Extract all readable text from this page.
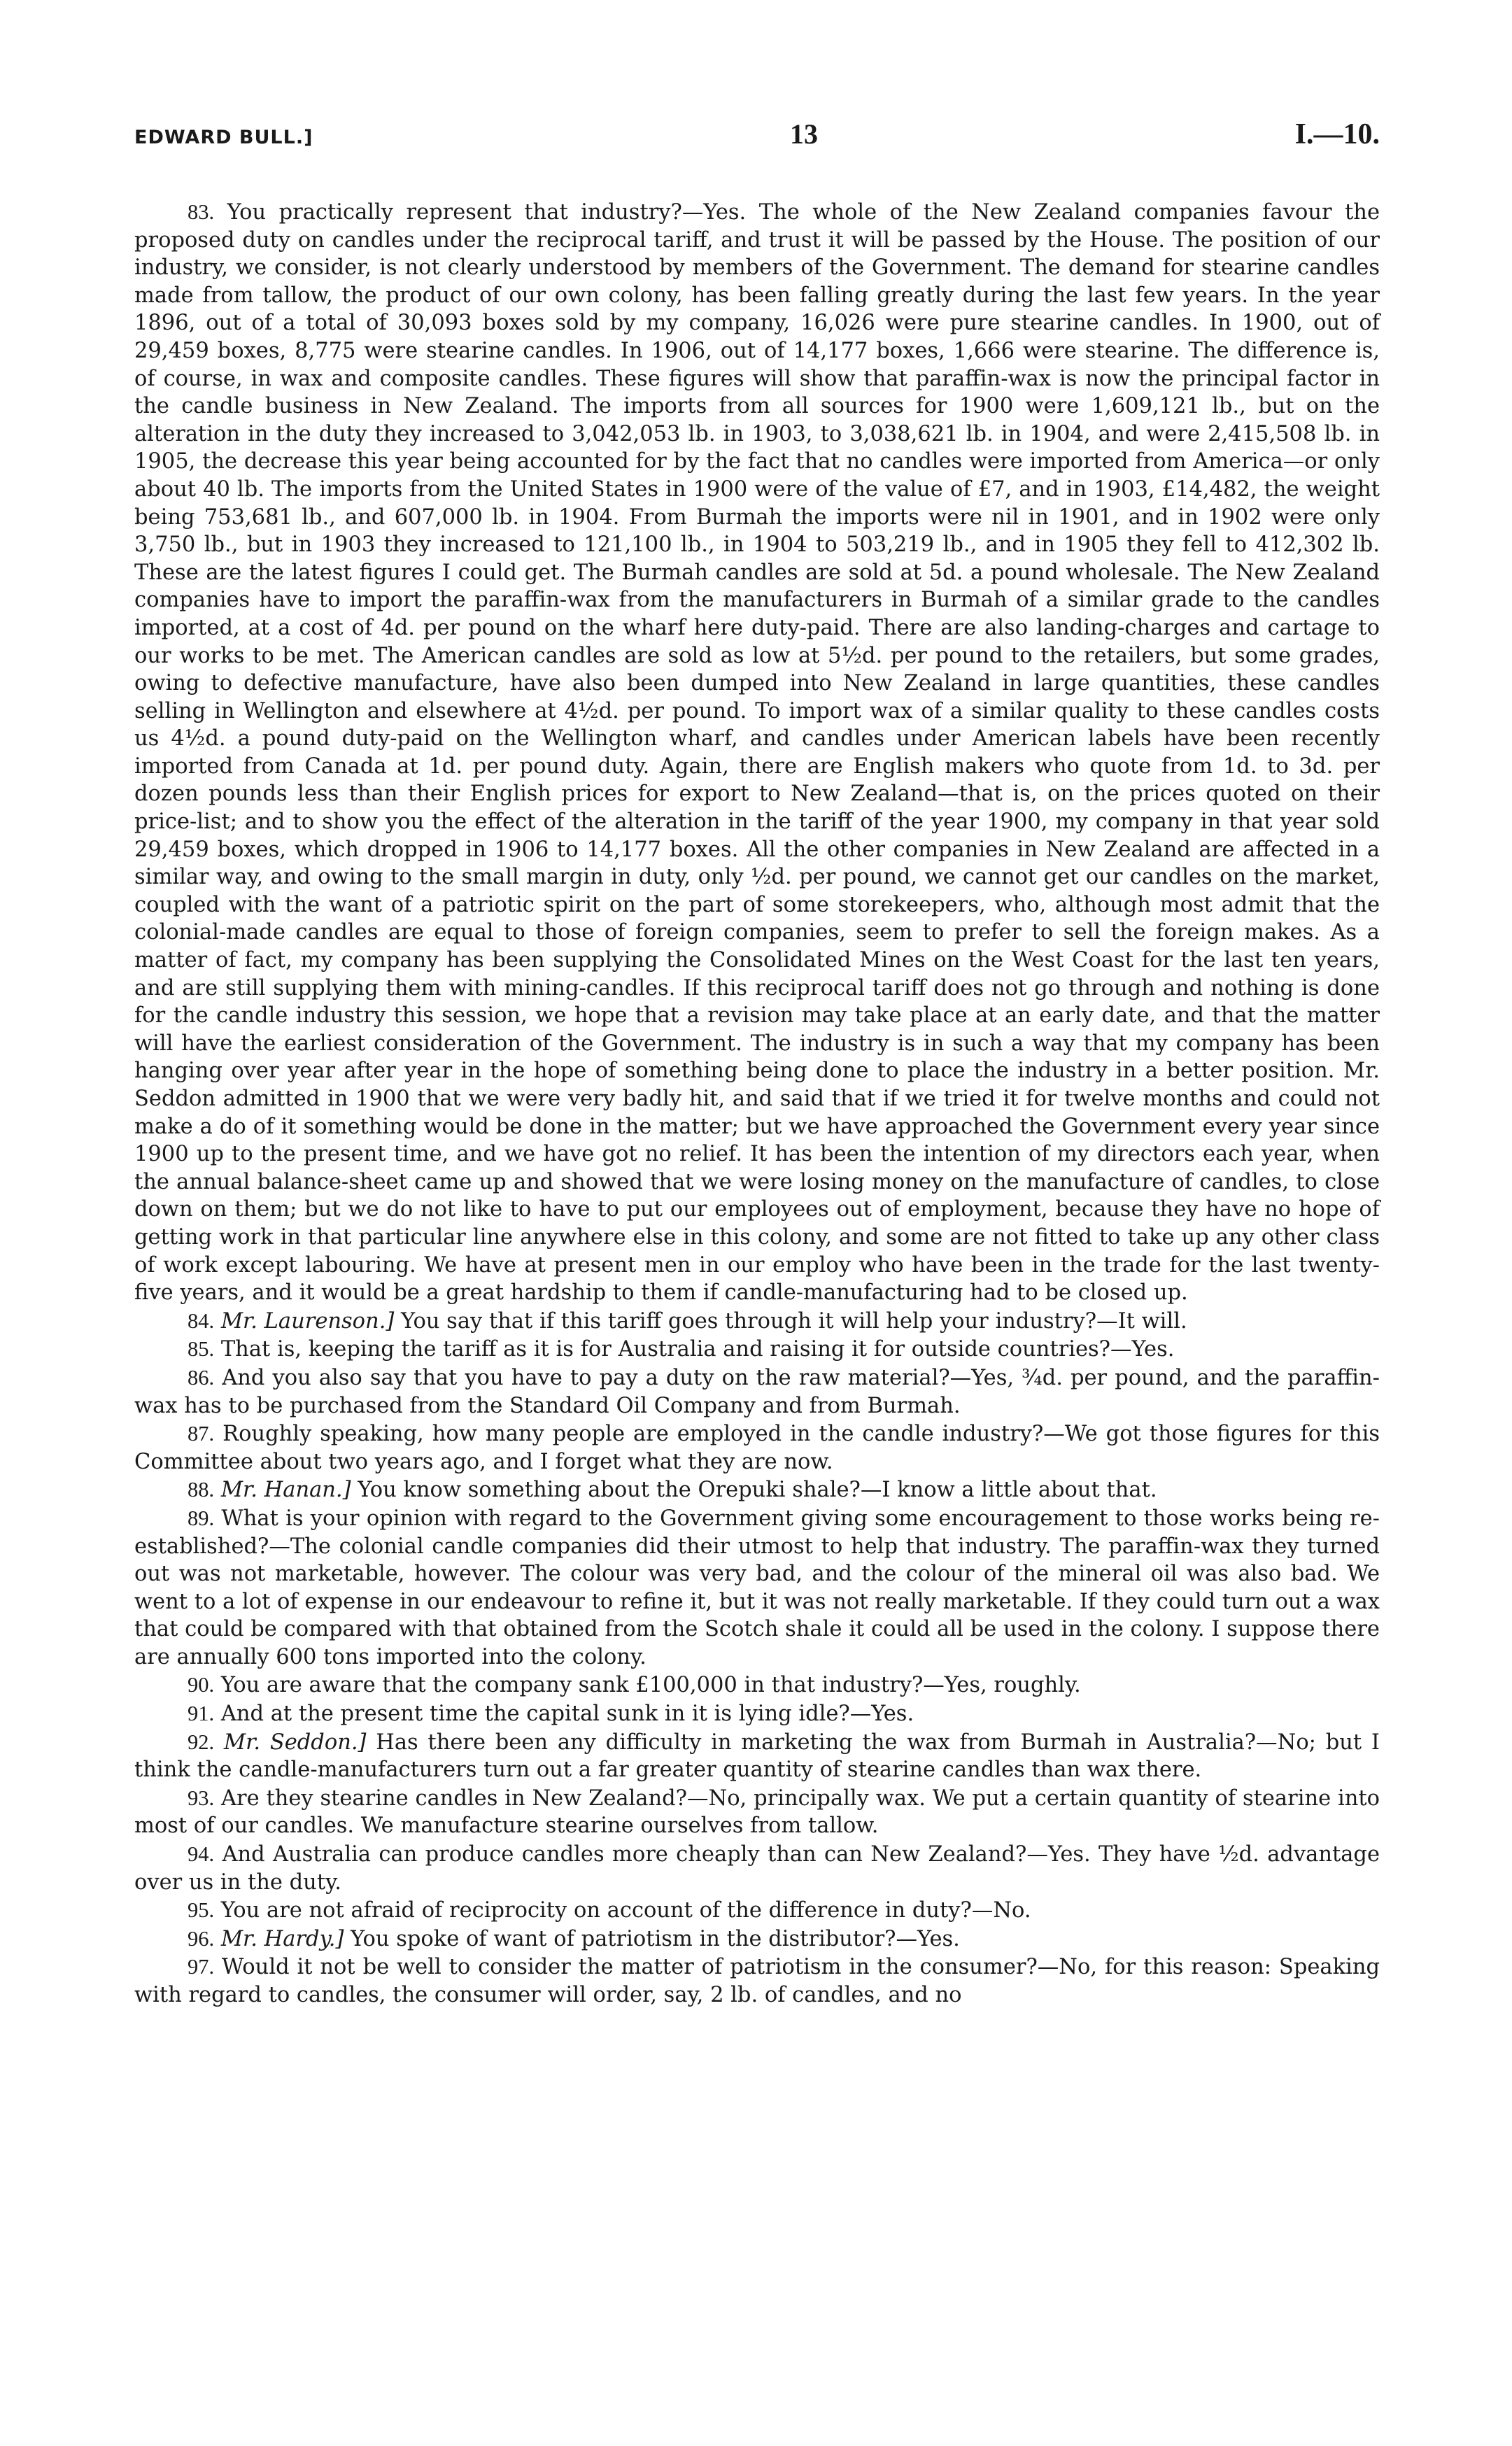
EDWARD BULL.]	13	I.—10.

83. You practically represent that industry?—Yes. The whole of the New Zealand companies favour the proposed duty on candles under the reciprocal tariff, and trust it will be passed by the House. The position of our industry, we consider, is not clearly understood by members of the Government. The demand for stearine candles made from tallow, the product of our own colony, has been falling greatly during the last few years. In the year 1896, out of a total of 30,093 boxes sold by my company, 16,026 were pure stearine candles. In 1900, out of 29,459 boxes, 8,775 were stearine candles. In 1906, out of 14,177 boxes, 1,666 were stearine. The difference is, of course, in wax and composite candles. These figures will show that paraffin-wax is now the principal factor in the candle business in New Zealand. The imports from all sources for 1900 were 1,609,121 lb., but on the alteration in the duty they increased to 3,042,053 lb. in 1903, to 3,038,621 lb. in 1904, and were 2,415,508 lb. in 1905, the decrease this year being accounted for by the fact that no candles were imported from America—or only about 40 lb. The imports from the United States in 1900 were of the value of £7, and in 1903, £14,482, the weight being 753,681 lb., and 607,000 lb. in 1904. From Burmah the imports were nil in 1901, and in 1902 were only 3,750 lb., but in 1903 they increased to 121,100 lb., in 1904 to 503,219 lb., and in 1905 they fell to 412,302 lb. These are the latest figures I could get. The Burmah candles are sold at 5d. a pound wholesale. The New Zealand companies have to import the paraffin-wax from the manufacturers in Burmah of a similar grade to the candles imported, at a cost of 4d. per pound on the wharf here duty-paid. There are also landing-charges and cartage to our works to be met. The American candles are sold as low at 5½d. per pound to the retailers, but some grades, owing to defective manufacture, have also been dumped into New Zealand in large quantities, these candles selling in Wellington and elsewhere at 4½d. per pound. To import wax of a similar quality to these candles costs us 4½d. a pound duty-paid on the Wellington wharf, and candles under American labels have been recently imported from Canada at 1d. per pound duty. Again, there are English makers who quote from 1d. to 3d. per dozen pounds less than their English prices for export to New Zealand—that is, on the prices quoted on their price-list; and to show you the effect of the alteration in the tariff of the year 1900, my company in that year sold 29,459 boxes, which dropped in 1906 to 14,177 boxes. All the other companies in New Zealand are affected in a similar way, and owing to the small margin in duty, only ½d. per pound, we cannot get our candles on the market, coupled with the want of a patriotic spirit on the part of some storekeepers, who, although most admit that the colonial-made candles are equal to those of foreign companies, seem to prefer to sell the foreign makes. As a matter of fact, my company has been supplying the Consolidated Mines on the West Coast for the last ten years, and are still supplying them with mining-candles. If this reciprocal tariff does not go through and nothing is done for the candle industry this session, we hope that a revision may take place at an early date, and that the matter will have the earliest consideration of the Government. The industry is in such a way that my company has been hanging over year after year in the hope of something being done to place the industry in a better position. Mr. Seddon admitted in 1900 that we were very badly hit, and said that if we tried it for twelve months and could not make a do of it something would be done in the matter; but we have approached the Government every year since 1900 up to the present time, and we have got no relief. It has been the intention of my directors each year, when the annual balance-sheet came up and showed that we were losing money on the manufacture of candles, to close down on them; but we do not like to have to put our employees out of employment, because they have no hope of getting work in that particular line anywhere else in this colony, and some are not fitted to take up any other class of work except labouring. We have at present men in our employ who have been in the trade for the last twenty-five years, and it would be a great hardship to them if candle-manufacturing had to be closed up.

84. Mr. Laurenson.] You say that if this tariff goes through it will help your industry?—It will.

85. That is, keeping the tariff as it is for Australia and raising it for outside countries?—Yes.

86. And you also say that you have to pay a duty on the raw material?—Yes, ¾d. per pound, and the paraffin-wax has to be purchased from the Standard Oil Company and from Burmah.

87. Roughly speaking, how many people are employed in the candle industry?—We got those figures for this Committee about two years ago, and I forget what they are now.

88. Mr. Hanan.] You know something about the Orepuki shale?—I know a little about that.

89. What is your opinion with regard to the Government giving some encouragement to those works being re-established?—The colonial candle companies did their utmost to help that industry. The paraffin-wax they turned out was not marketable, however. The colour was very bad, and the colour of the mineral oil was also bad. We went to a lot of expense in our endeavour to refine it, but it was not really marketable. If they could turn out a wax that could be compared with that obtained from the Scotch shale it could all be used in the colony. I suppose there are annually 600 tons imported into the colony.

90. You are aware that the company sank £100,000 in that industry?—Yes, roughly.

91. And at the present time the capital sunk in it is lying idle?—Yes.

92. Mr. Seddon.] Has there been any difficulty in marketing the wax from Burmah in Australia?—No; but I think the candle-manufacturers turn out a far greater quantity of stearine candles than wax there.

93. Are they stearine candles in New Zealand?—No, principally wax. We put a certain quantity of stearine into most of our candles. We manufacture stearine ourselves from tallow.

94. And Australia can produce candles more cheaply than can New Zealand?—Yes. They have ½d. advantage over us in the duty.

95. You are not afraid of reciprocity on account of the difference in duty?—No.

96. Mr. Hardy.] You spoke of want of patriotism in the distributor?—Yes.

97. Would it not be well to consider the matter of patriotism in the consumer?—No, for this reason: Speaking with regard to candles, the consumer will order, say, 2 lb. of candles, and no
